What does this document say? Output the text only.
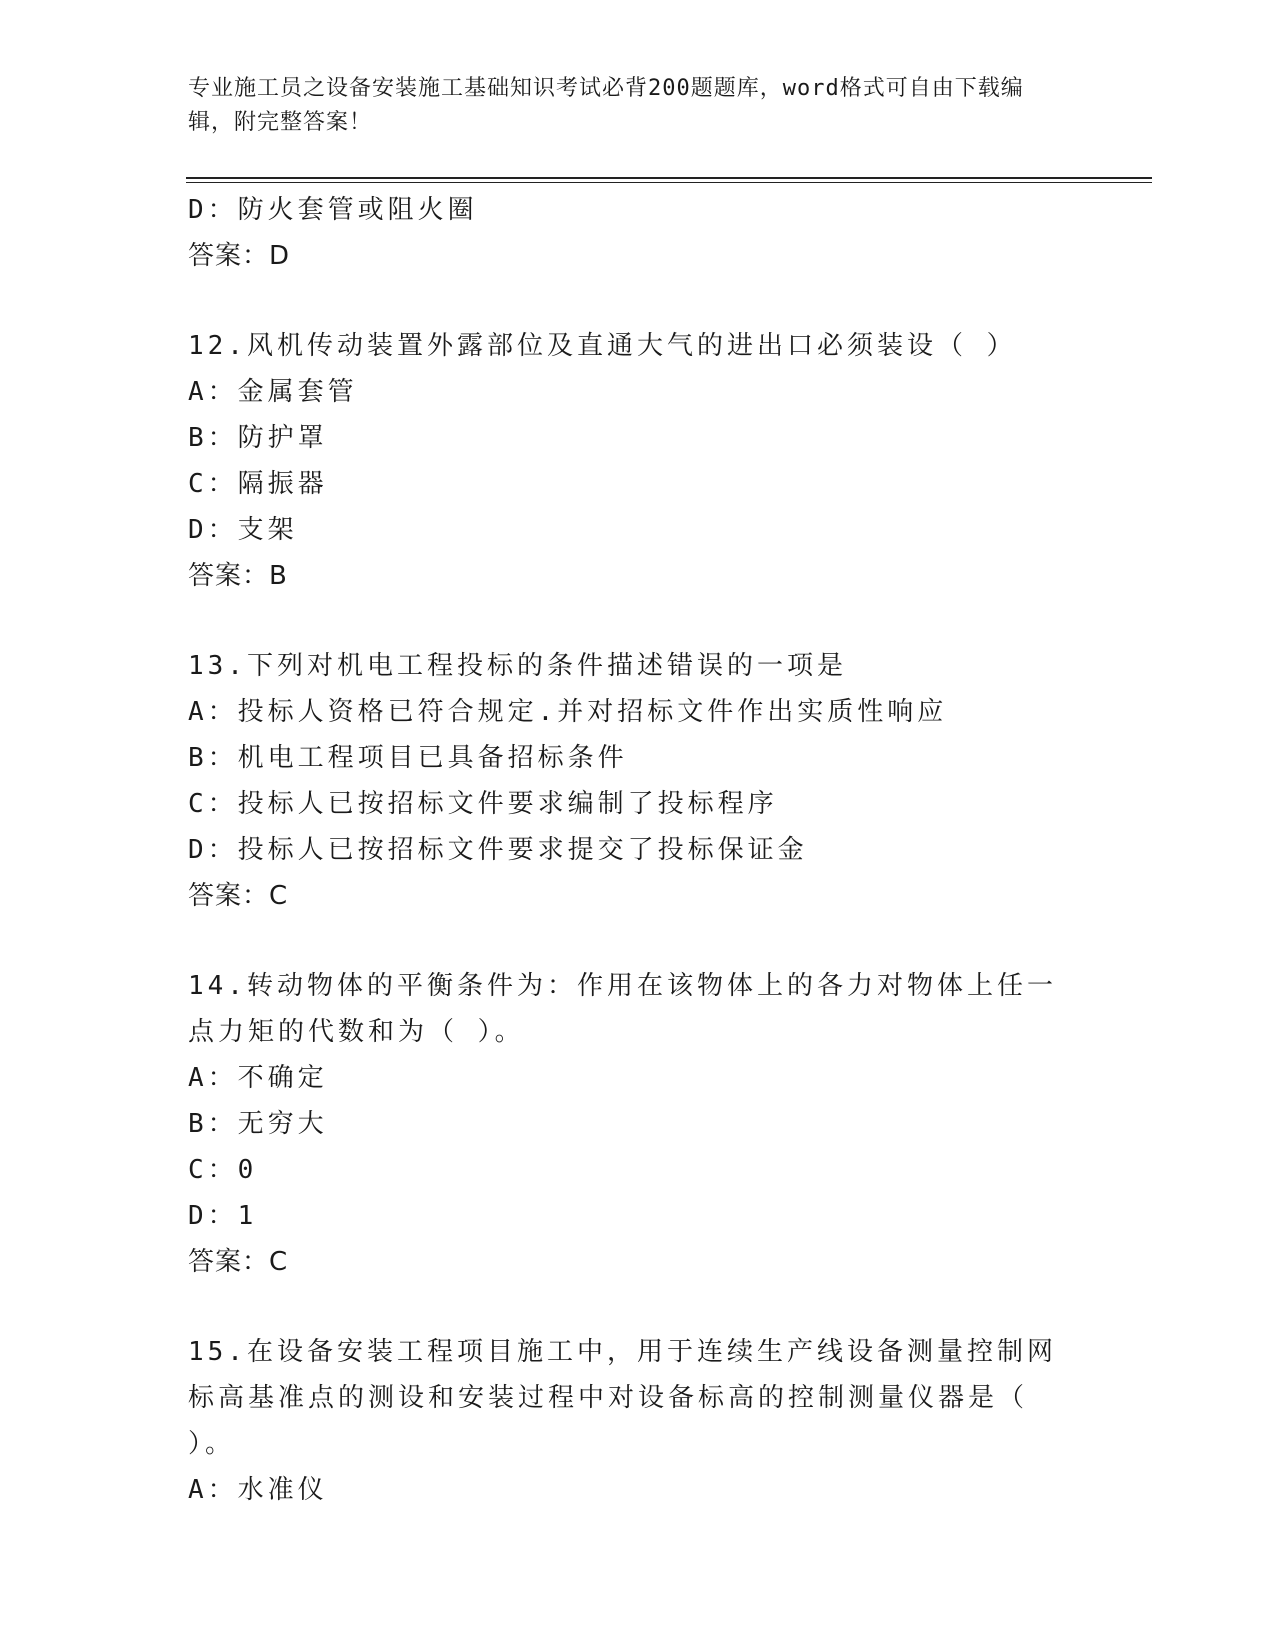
专业施工员之设备安装施工基础知识考试必背200题题库，word格式可自由下载编辑，附完整答案！
D：防火套管或阻火圈
答案：D
12.风机传动装置外露部位及直通大气的进出口必须装设（ ）
A：金属套管
B：防护罩
C：隔振器
D：支架
答案：B
13.下列对机电工程投标的条件描述错误的一项是
A：投标人资格已符合规定.并对招标文件作出实质性响应
B：机电工程项目已具备招标条件
C：投标人已按招标文件要求编制了投标程序
D：投标人已按招标文件要求提交了投标保证金
答案：C
14.转动物体的平衡条件为：作用在该物体上的各力对物体上任一点力矩的代数和为（ ）。
A：不确定
B：无穷大
C：0
D：1
答案：C
15.在设备安装工程项目施工中，用于连续生产线设备测量控制网标高基准点的测设和安装过程中对设备标高的控制测量仪器是（ ）。
A：水准仪
